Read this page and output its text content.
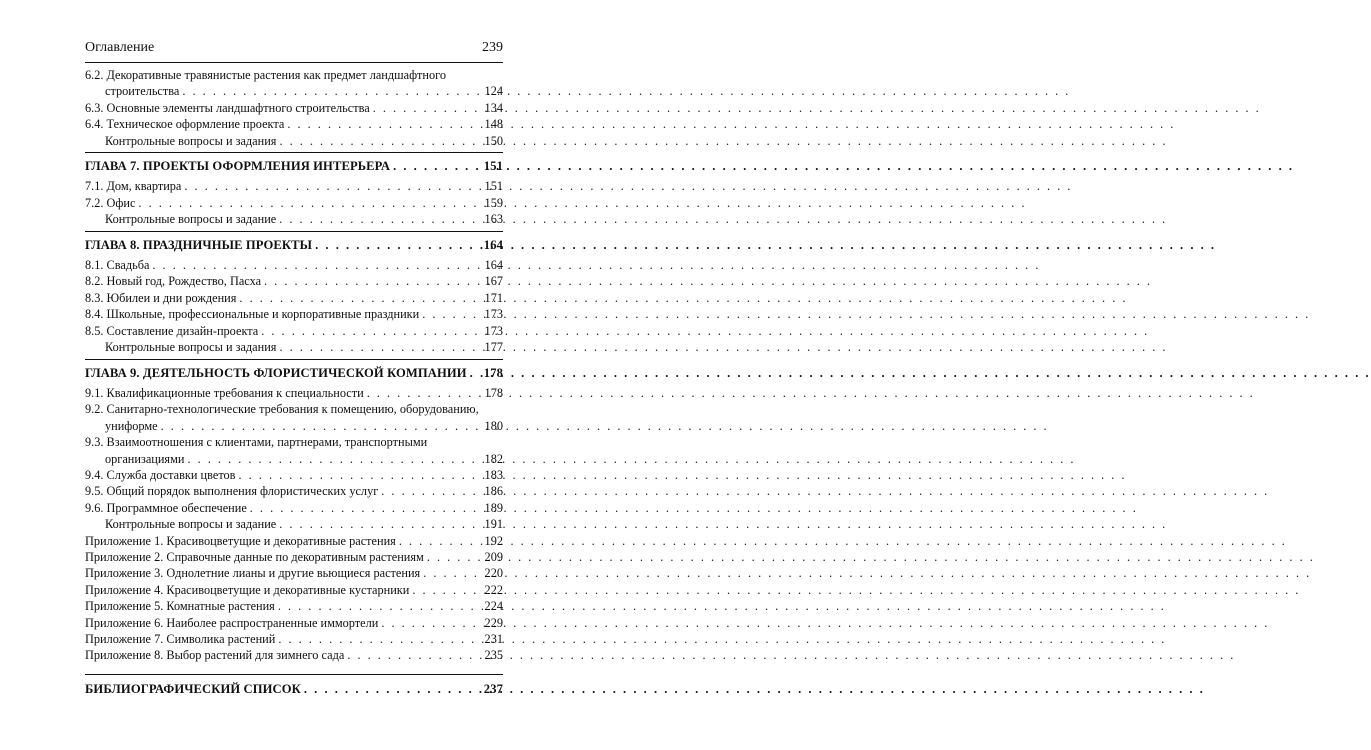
Оглавление	239
6.2. Декоративные травянистые растения как предмет ландшафтного
строительства . . .	124
6.3. Основные элементы ландшафтного строительства . . .	134
6.4. Техническое оформление проекта . . .	148
Контрольные вопросы и задания . . .	150
ГЛАВА 7. ПРОЕКТЫ ОФОРМЛЕНИЯ ИНТЕРЬЕРА . . .	151
7.1. Дом, квартира . . .	151
7.2. Офис . . .	159
Контрольные вопросы и задание . . .	163
ГЛАВА 8. ПРАЗДНИЧНЫЕ ПРОЕКТЫ . . .	164
8.1. Свадьба . . .	164
8.2. Новый год, Рождество, Пасха . . .	167
8.3. Юбилеи и дни рождения . . .	171
8.4. Школьные, профессиональные и корпоративные праздники . . .	173
8.5. Составление дизайн-проекта . . .	173
Контрольные вопросы и задания . . .	177
ГЛАВА 9. ДЕЯТЕЛЬНОСТЬ ФЛОРИСТИЧЕСКОЙ КОМПАНИИ . . . 178
9.1. Квалификационные требования к специальности . . .	178
9.2. Санитарно-технологические требования к помещению, оборудованию,
униформе . . .	180
9.3. Взаимоотношения с клиентами, партнерами, транспортными
организациями . . .	182
9.4. Служба доставки цветов . . .	183
9.5. Общий порядок выполнения флористических услуг . . .	186
9.6. Программное обеспечение . . .	189
Контрольные вопросы и задание . . .	191
Приложение 1. Красивоцветущие и декоративные растения . . .	192
Приложение 2. Справочные данные по декоративным растениям . . .	209
Приложение 3. Однолетние лианы и другие вьющиеся растения . . .	220
Приложение 4. Красивоцветущие и декоративные кустарники . . .	222
Приложение 5. Комнатные растения . . .	224
Приложение 6. Наиболее распространенные иммортели . . .	229
Приложение 7. Символика растений . . .	231
Приложение 8. Выбор растений для зимнего сада . . .	235
БИБЛИОГРАФИЧЕСКИЙ СПИСОК . . .	237
